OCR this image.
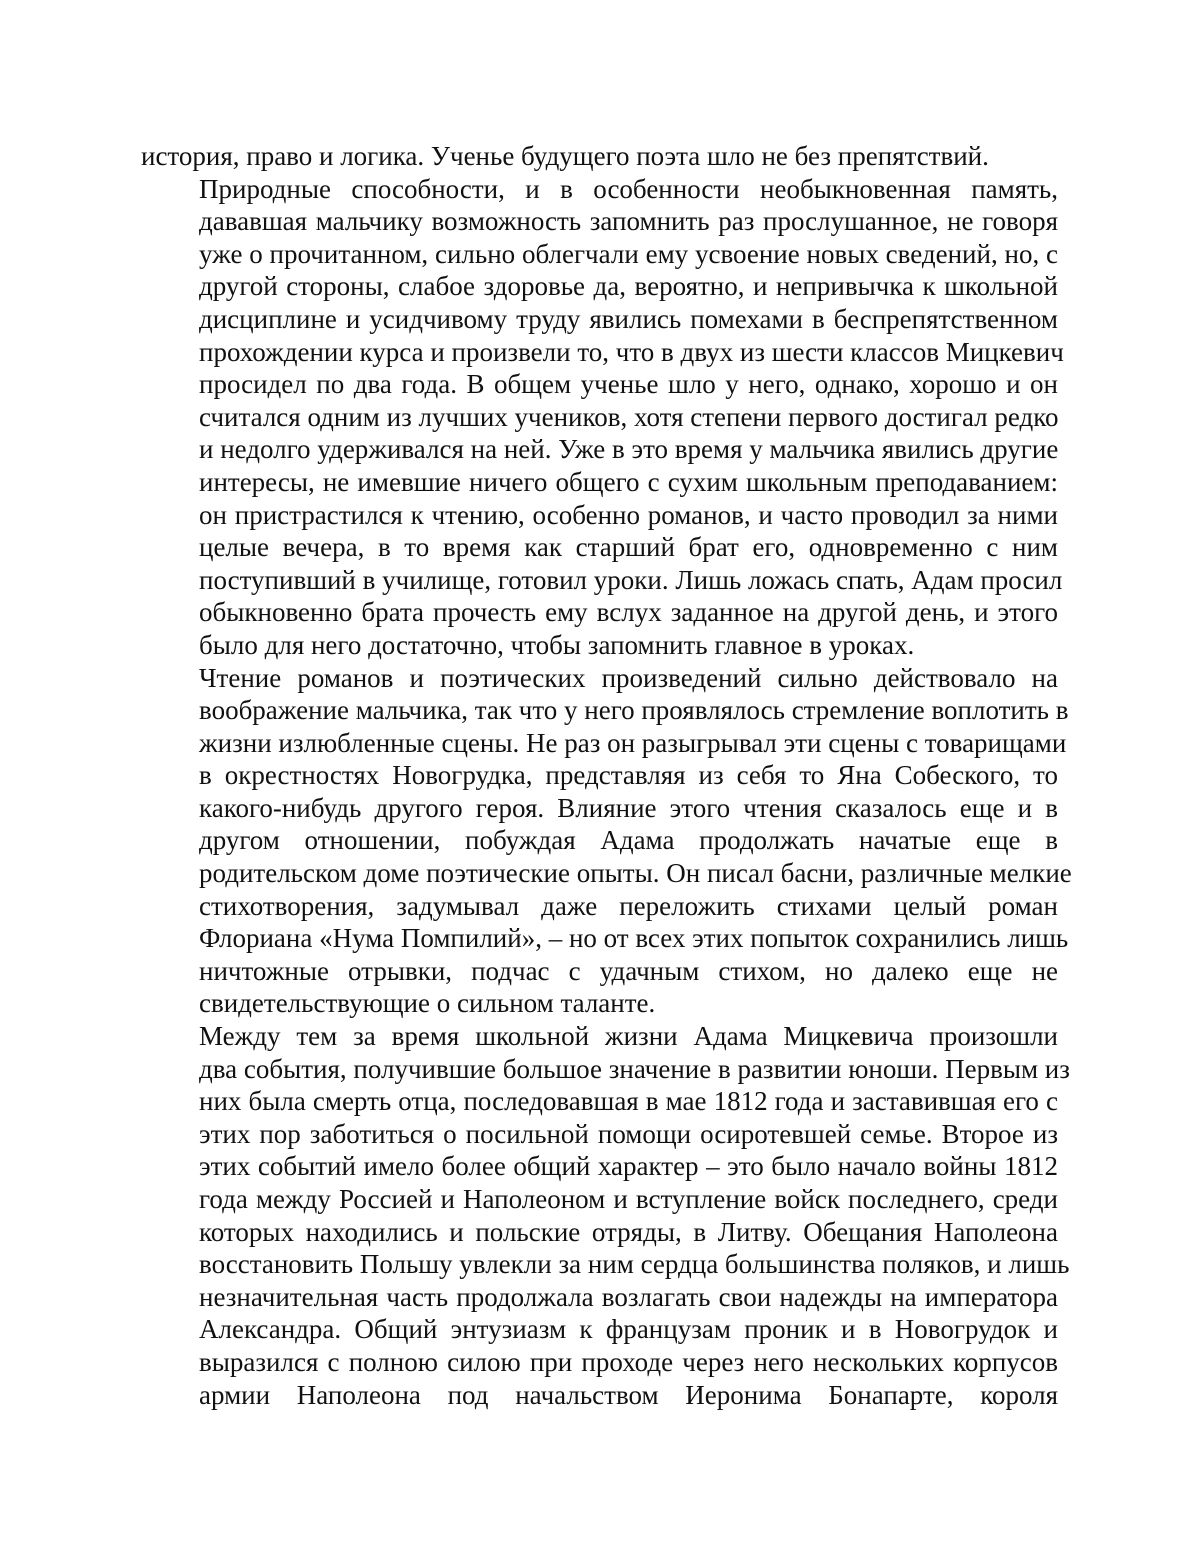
история, право и логика. Ученье будущего поэта шло не без препятствий.

Природные способности, и в особенности необыкновенная память,
дававшая мальчику возможность запомнить раз прослушанное, не говоря
уже о прочитанном, сильно облегчали ему усвоение новых сведений, но, с
другой стороны, слабое здоровье да, вероятно, и непривычка к школьной
дисциплине и усидчивому труду явились помехами в беспрепятственном
прохождении курса и произвели то, что в двух из шести классов Мицкевич
просидел по два года. В общем ученье шло у него, однако, хорошо и он
считался одним из лучших учеников, хотя степени первого достигал редко
и недолго удерживался на ней. Уже в это время у мальчика явились другие
интересы, не имевшие ничего общего с сухим школьным преподаванием:
он пристрастился к чтению, особенно романов, и часто проводил за ними
целые вечера, в то время как старший брат его, одновременно с ним
поступивший в училище, готовил уроки. Лишь ложась спать, Адам просил
обыкновенно брата прочесть ему вслух заданное на другой день, и этого
было для него достаточно, чтобы запомнить главное в уроках.

Чтение романов и поэтических произведений сильно действовало на
воображение мальчика, так что у него проявлялось стремление воплотить в
жизни излюбленные сцены. Не раз он разыгрывал эти сцены с товарищами
в окрестностях Новогрудка, представляя из себя то Яна Собеского, то
какого-нибудь другого героя. Влияние этого чтения сказалось еще и в
другом отношении, побуждая Адама продолжать начатые еще в
родительском доме поэтические опыты. Он писал басни, различные мелкие
стихотворения, задумывал даже переложить стихами целый роман
Флориана «Нума Помпилий», – но от всех этих попыток сохранились лишь
ничтожные отрывки, подчас с удачным стихом, но далеко еще не
свидетельствующие о сильном таланте.

Между тем за время школьной жизни Адама Мицкевича произошли
два события, получившие большое значение в развитии юноши. Первым из
них была смерть отца, последовавшая в мае 1812 года и заставившая его с
этих пор заботиться о посильной помощи осиротевшей семье. Второе из
этих событий имело более общий характер – это было начало войны 1812
года между Россией и Наполеоном и вступление войск последнего, среди
которых находились и польские отряды, в Литву. Обещания Наполеона
восстановить Польшу увлекли за ним сердца большинства поляков, и лишь
незначительная часть продолжала возлагать свои надежды на императора
Александра. Общий энтузиазм к французам проник и в Новогрудок и
выразился с полною силою при проходе через него нескольких корпусов
армии Наполеона под начальством Иеронима Бонапарте, короля
